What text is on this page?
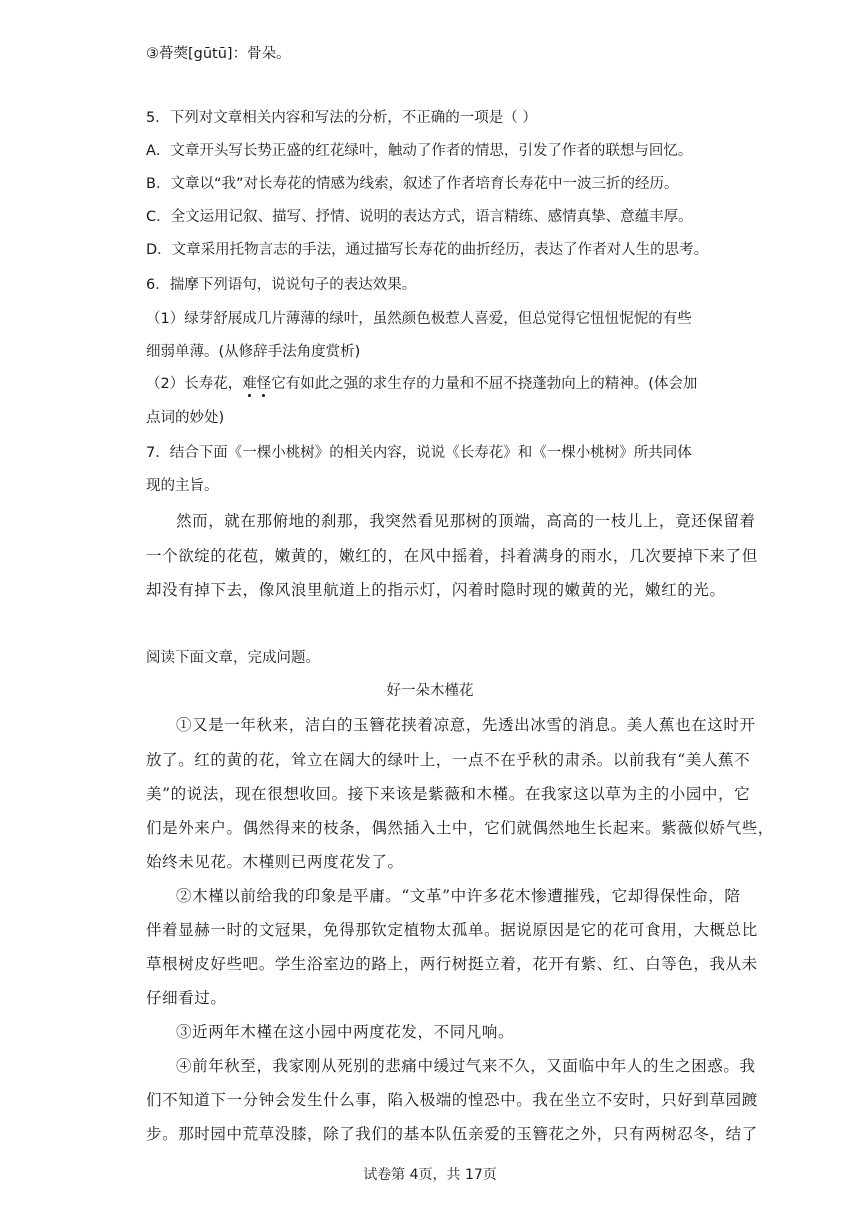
③蓇葖[gūtū]：骨朵。
5．下列对文章相关内容和写法的分析，不正确的一项是（ ）
A．文章开头写长势正盛的红花绿叶，触动了作者的情思，引发了作者的联想与回忆。
B．文章以“我”对长寿花的情感为线索，叙述了作者培育长寿花中一波三折的经历。
C．全文运用记叙、描写、抒情、说明的表达方式，语言精练、感情真挚、意蕴丰厚。
D．文章采用托物言志的手法，通过描写长寿花的曲折经历，表达了作者对人生的思考。
6．揣摩下列语句，说说句子的表达效果。
（1）绿芽舒展成几片薄薄的绿叶，虽然颜色极惹人喜爱，但总觉得它忸忸怩怩的有些
细弱单薄。(从修辞手法角度赏析)
（2）长寿花，难怪它有如此之强的求生存的力量和不屈不挠蓬勃向上的精神。(体会加
点词的妙处)
7．结合下面《一棵小桃树》的相关内容，说说《长寿花》和《一棵小桃树》所共同体
现的主旨。
然而，就在那俯地的刹那，我突然看见那树的顶端，高高的一枝儿上，竟还保留着
一个欲绽的花苞，嫩黄的，嫩红的，在风中摇着，抖着满身的雨水，几次要掉下来了但
却没有掉下去，像风浪里航道上的指示灯，闪着时隐时现的嫩黄的光，嫩红的光。
阅读下面文章，完成问题。
好一朵木槿花
①又是一年秋来，洁白的玉簪花挟着凉意，先透出冰雪的消息。美人蕉也在这时开
放了。红的黄的花，耸立在阔大的绿叶上，一点不在乎秋的肃杀。以前我有“美人蕉不
美”的说法，现在很想收回。接下来该是紫薇和木槿。在我家这以草为主的小园中，它
们是外来户。偶然得来的枝条，偶然插入土中，它们就偶然地生长起来。紫薇似娇气些，
始终未见花。木槿则已两度花发了。
②木槿以前给我的印象是平庸。“文革”中许多花木惨遭摧残，它却得保性命，陪
伴着显赫一时的文冠果，免得那钦定植物太孤单。据说原因是它的花可食用，大概总比
草根树皮好些吧。学生浴室边的路上，两行树挺立着，花开有紫、红、白等色，我从未
仔细看过。
③近两年木槿在这小园中两度花发，不同凡响。
④前年秋至，我家刚从死别的悲痛中缓过气来不久，又面临中年人的生之困惑。我
们不知道下一分钟会发生什么事，陷入极端的惶恐中。我在坐立不安时，只好到草园踱
步。那时园中荒草没膝，除了我们的基本队伍亲爱的玉簪花之外，只有两树忍冬，结了
试卷第 4页，共 17页
